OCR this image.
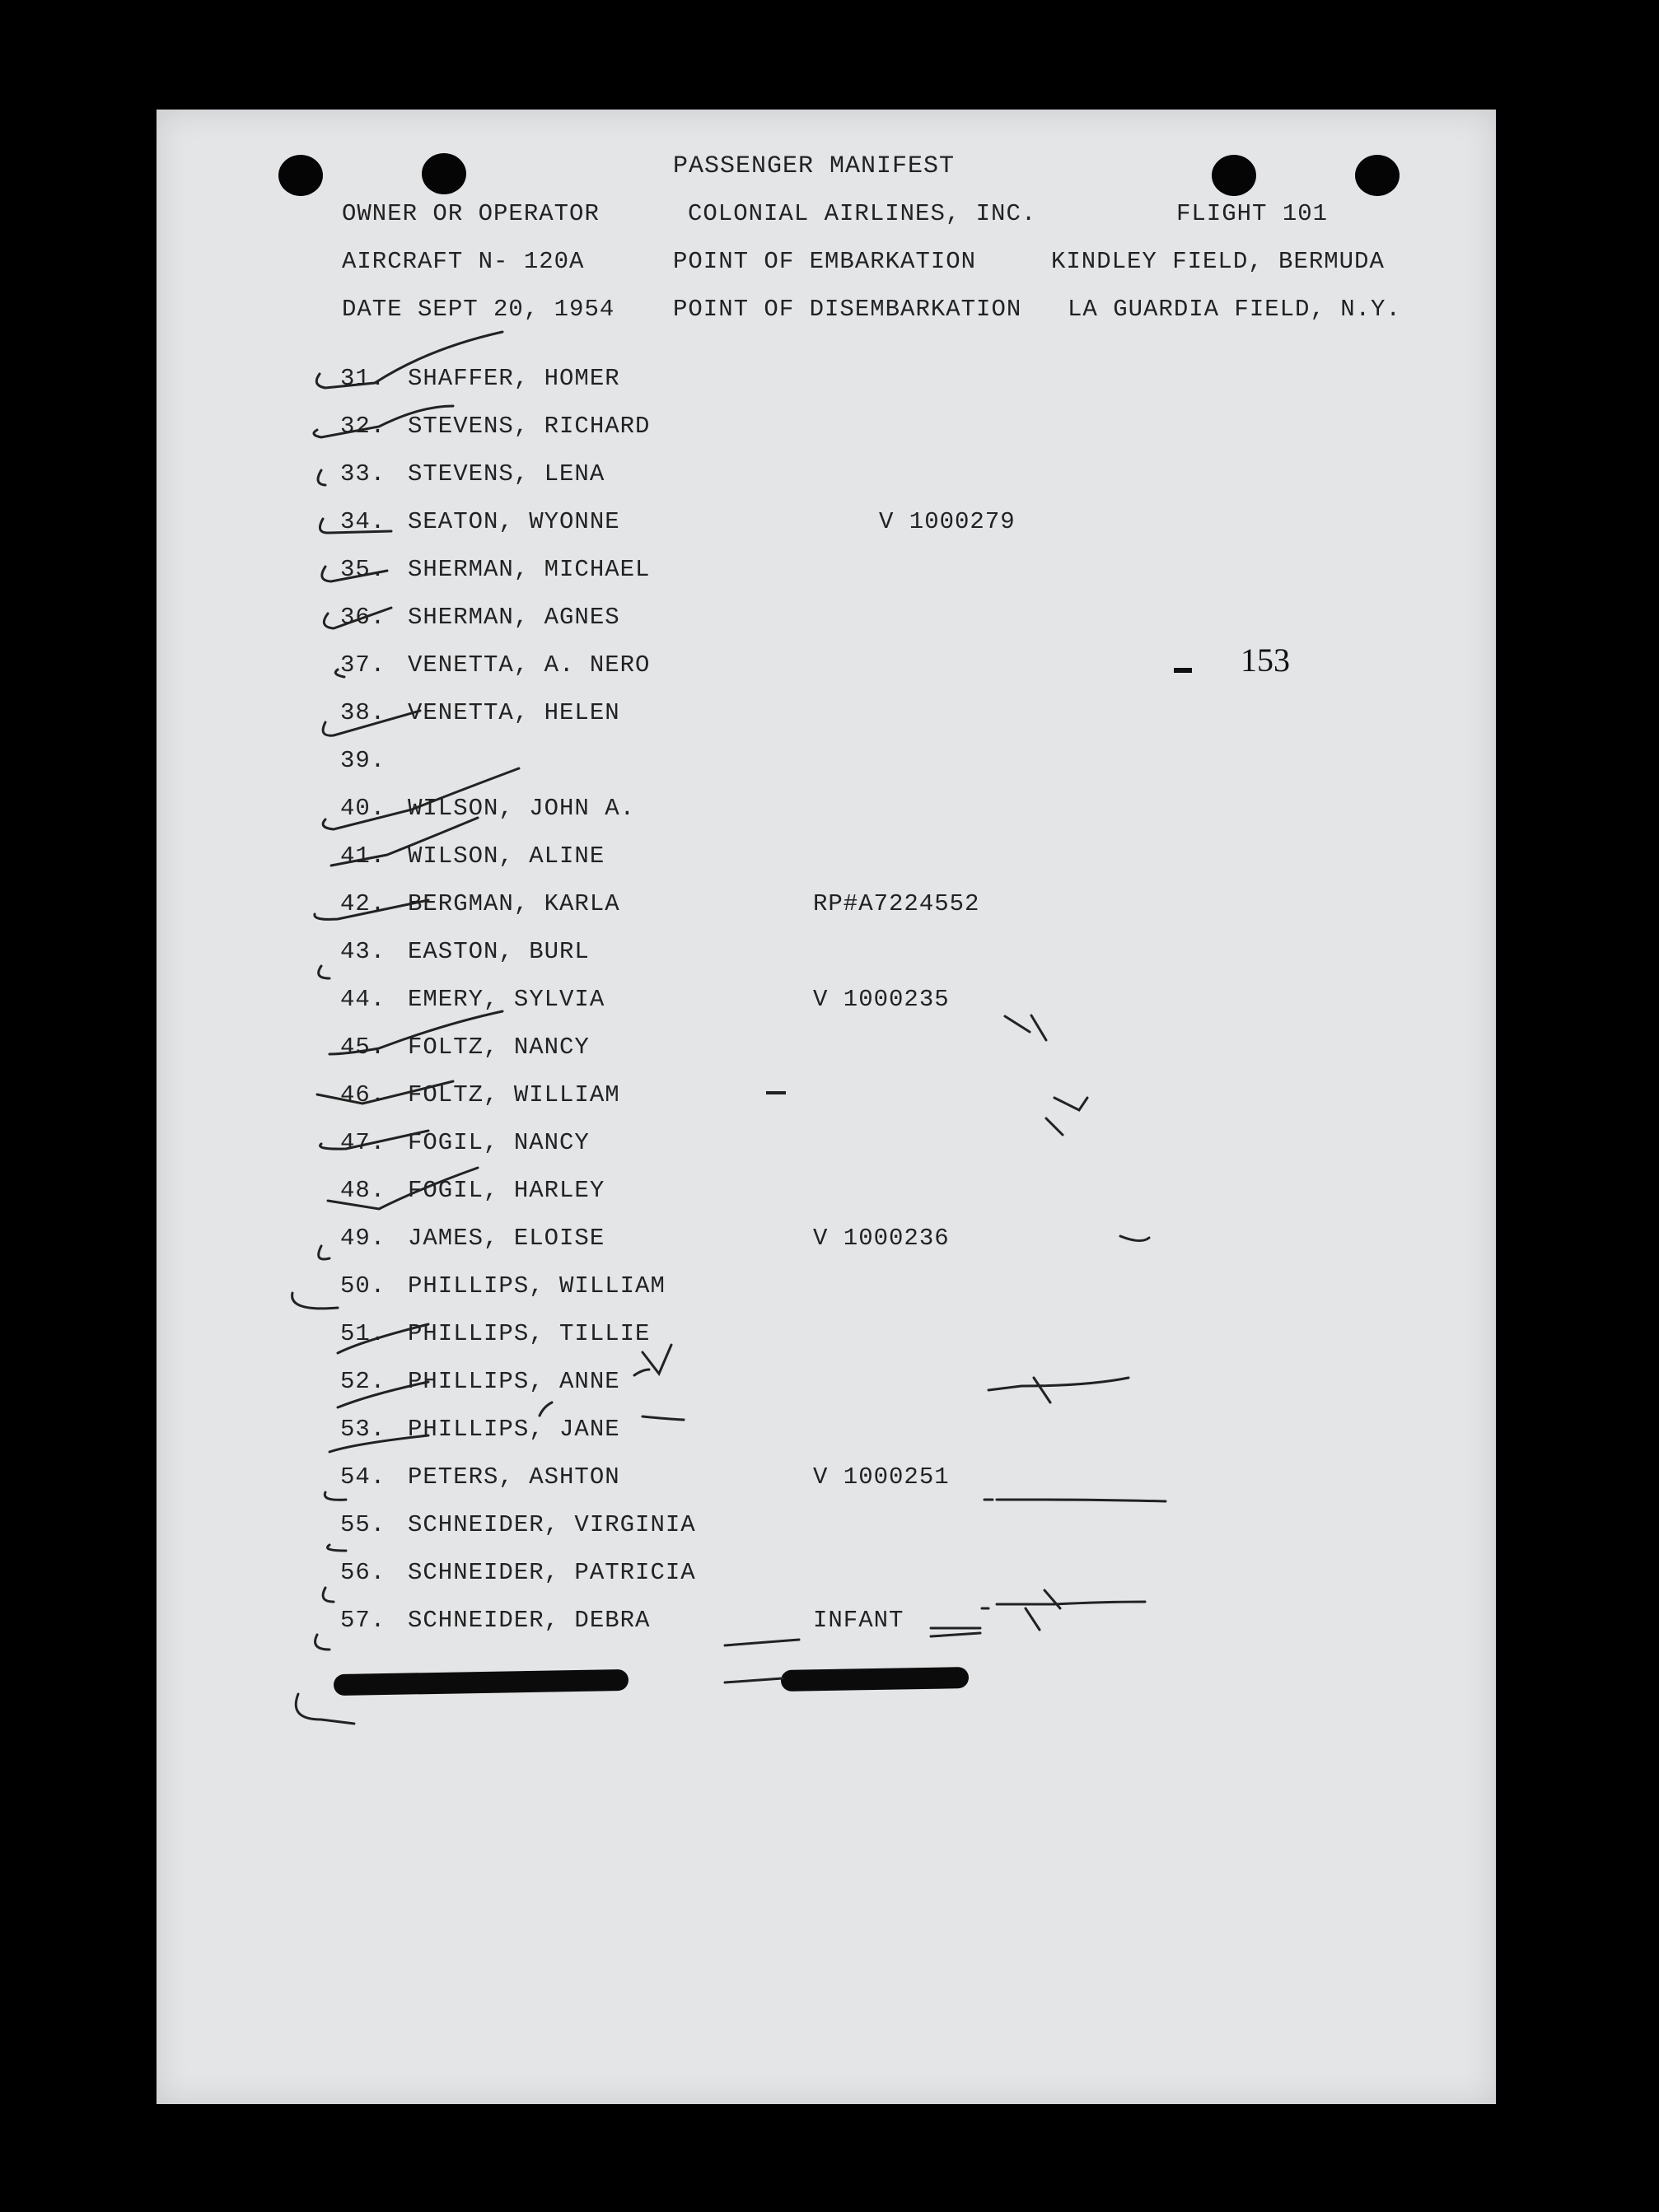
PASSENGER MANIFEST
OWNER OR OPERATOR	COLONIAL AIRLINES, INC.	FLIGHT 101
AIRCRAFT N- 120A	POINT OF EMBARKATION	KINDLEY FIELD, BERMUDA
DATE SEPT 20, 1954 POINT OF DISEMBARKATION LA GUARDIA FIELD, N.Y.
153
31. SHAFFER, HOMER
32. STEVENS, RICHARD
33. STEVENS, LENA
34. SEATON, WYONNE	V 1000279
35. SHERMAN, MICHAEL
36. SHERMAN, AGNES
37. VENETTA, A. NERO
38. VENETTA, HELEN
39.
40. WILSON, JOHN A.
41. WILSON, ALINE
42. BERGMAN, KARLA	RP#A7224552
43. EASTON, BURL
44. EMERY, SYLVIA	V 1000235
45. FOLTZ, NANCY
46. FOLTZ, WILLIAM
47. FOGIL, NANCY
48. FOGIL, HARLEY
49. JAMES, ELOISE	V 1000236
50. PHILLIPS, WILLIAM
51. PHILLIPS, TILLIE
52. PHILLIPS, ANNE
53. PHILLIPS, JANE
54. PETERS, ASHTON	V 1000251
55. SCHNEIDER, VIRGINIA
56. SCHNEIDER, PATRICIA
57. SCHNEIDER, DEBRA	INFANT
